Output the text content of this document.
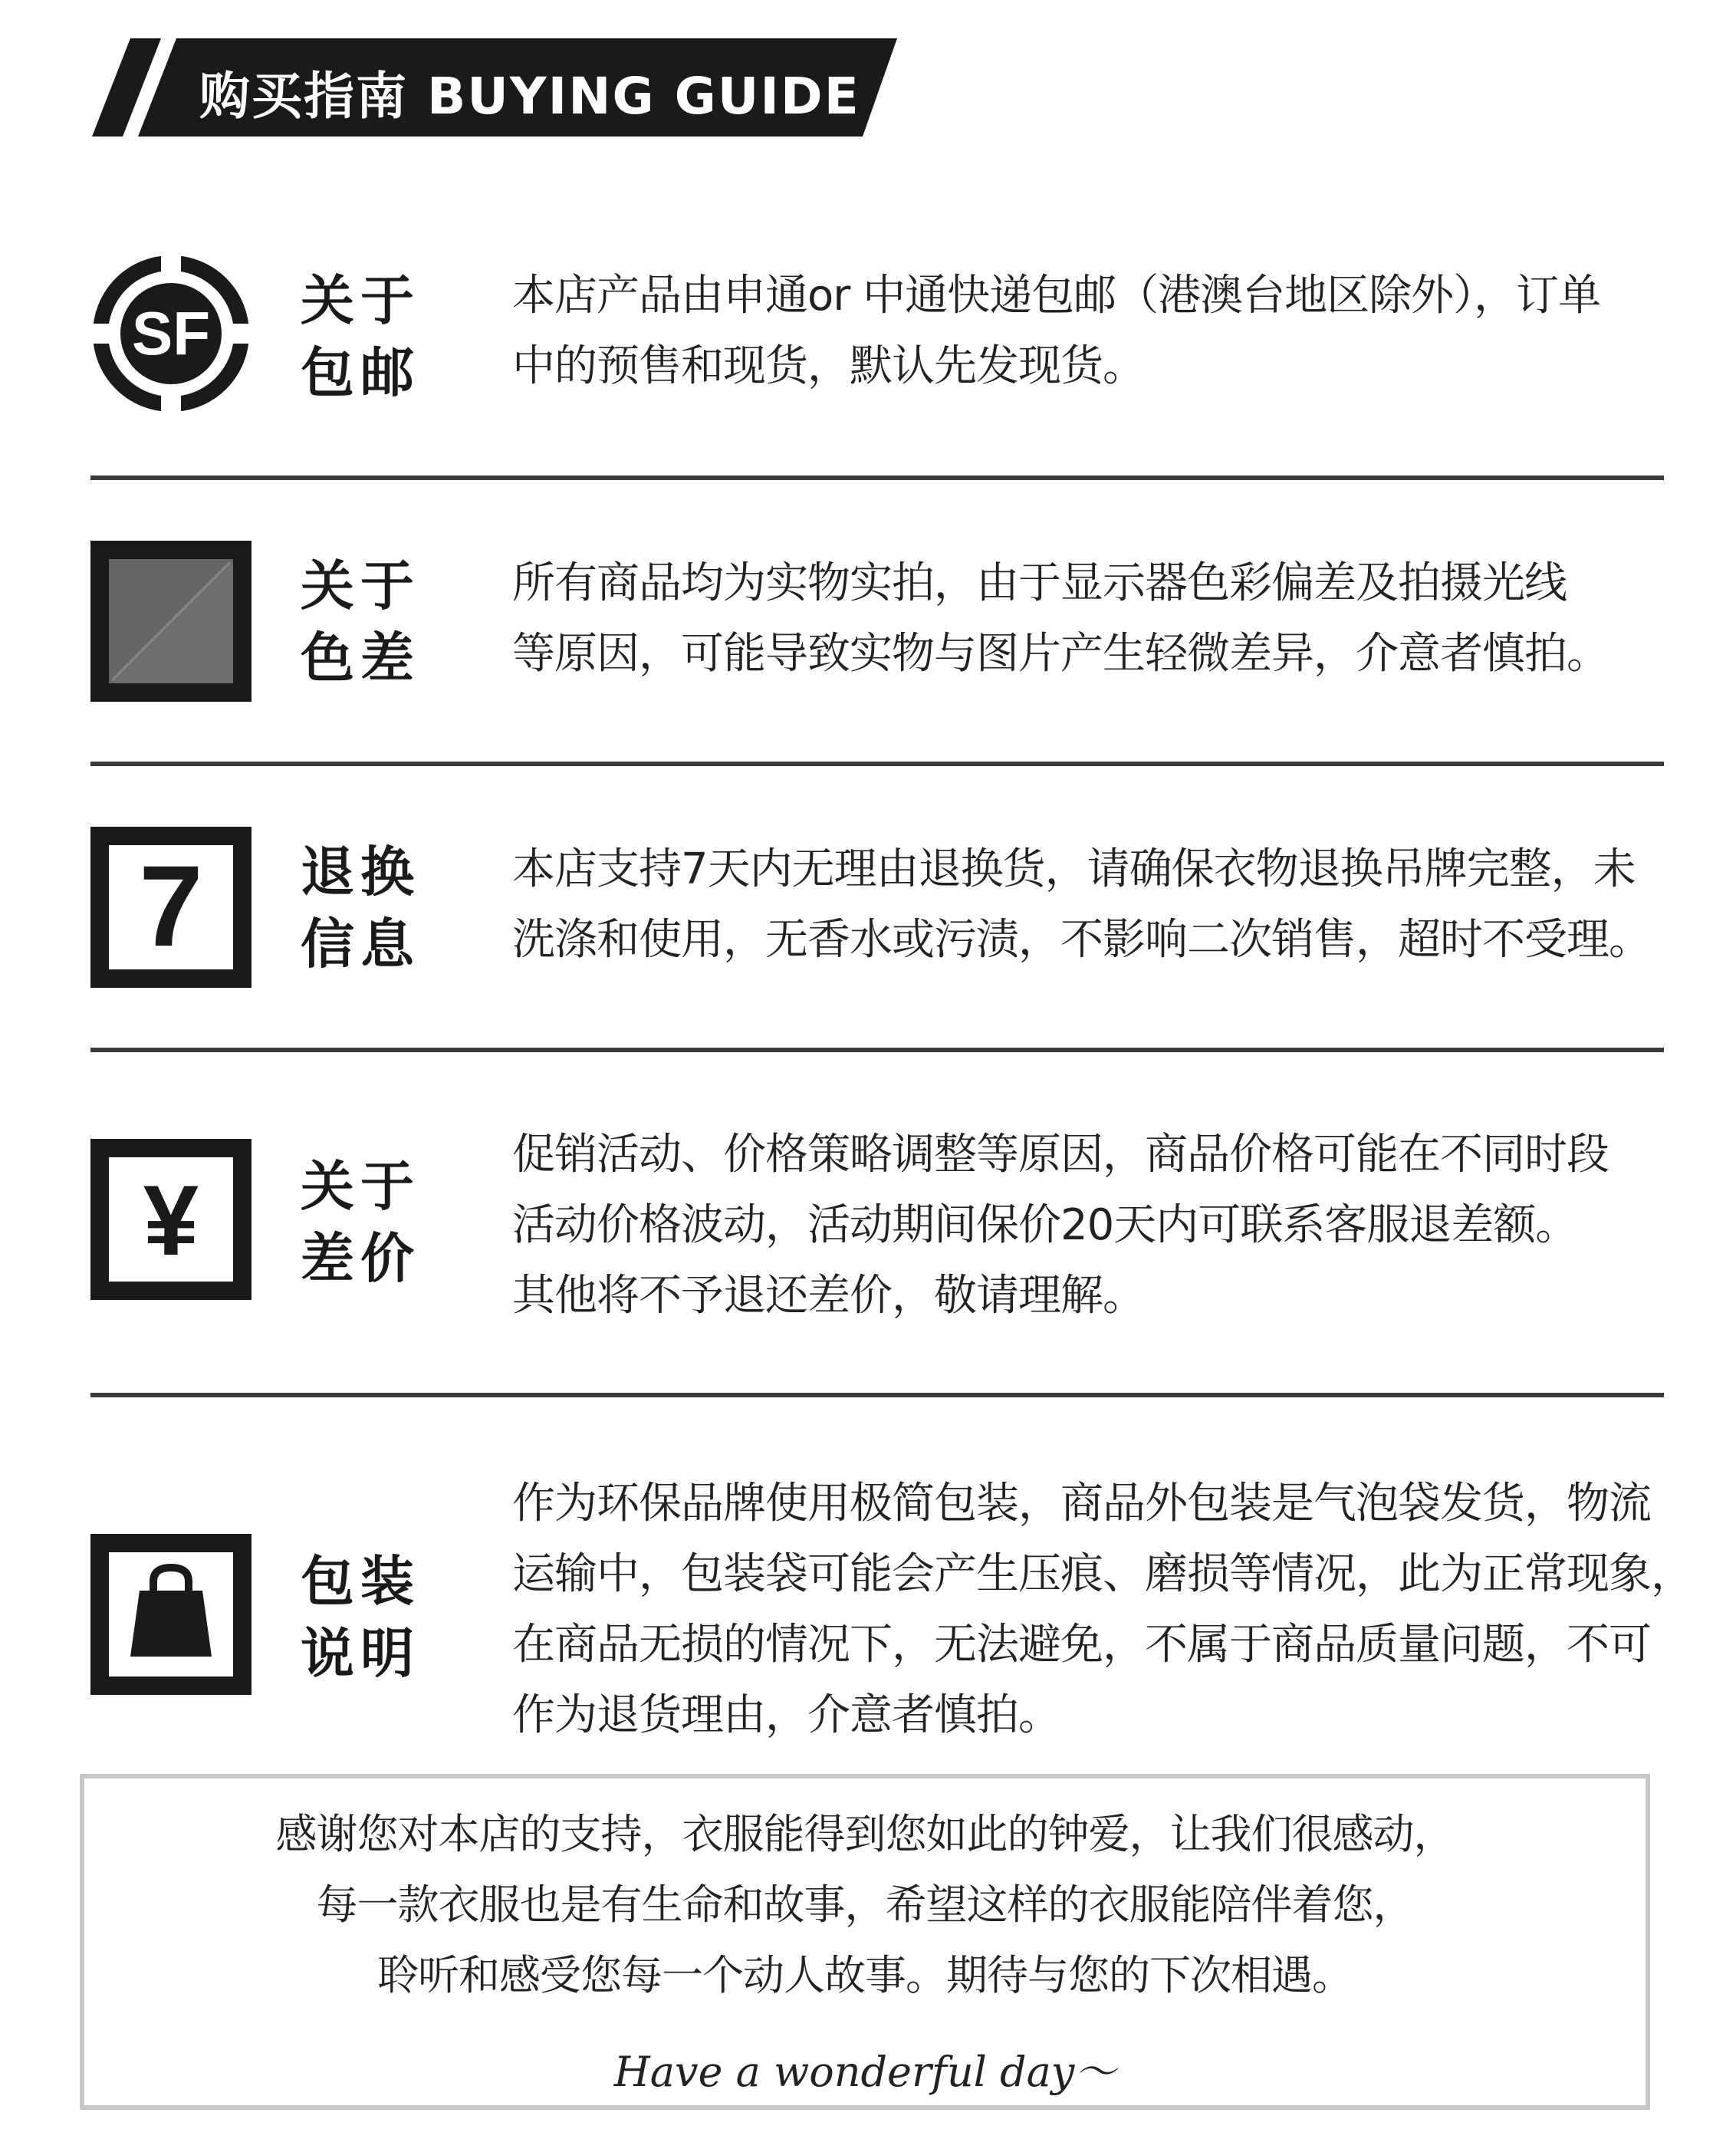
购买指南 BUYING GUIDE
SF 关于
包邮
本店产品由申通or 中通快递包邮（港澳台地区除外），订单
中的预售和现货，默认先发现货。
关于
色差
所有商品均为实物实拍，由于显示器色彩偏差及拍摄光线
等原因，可能导致实物与图片产生轻微差异，介意者慎拍。
7	退换
信息
本店支持7天内无理由退换货，请确保衣物退换吊牌完整，未
洗涤和使用，无香水或污渍，不影响二次销售，超时不受理。
¥	关于
差价
促销活动、价格策略调整等原因，商品价格可能在不同时段
活动价格波动，活动期间保价20天内可联系客服退差额。
其他将不予退还差价，敬请理解。
包装
说明
作为环保品牌使用极简包装，商品外包装是气泡袋发货，物流
运输中，包装袋可能会产生压痕、磨损等情况，此为正常现象，
在商品无损的情况下，无法避免，不属于商品质量问题，不可
作为退货理由，介意者慎拍。
感谢您对本店的支持，衣服能得到您如此的钟爱，让我们很感动，
每一款衣服也是有生命和故事，希望这样的衣服能陪伴着您，
聆听和感受您每一个动人故事。期待与您的下次相遇。
Have a wonderful day～
